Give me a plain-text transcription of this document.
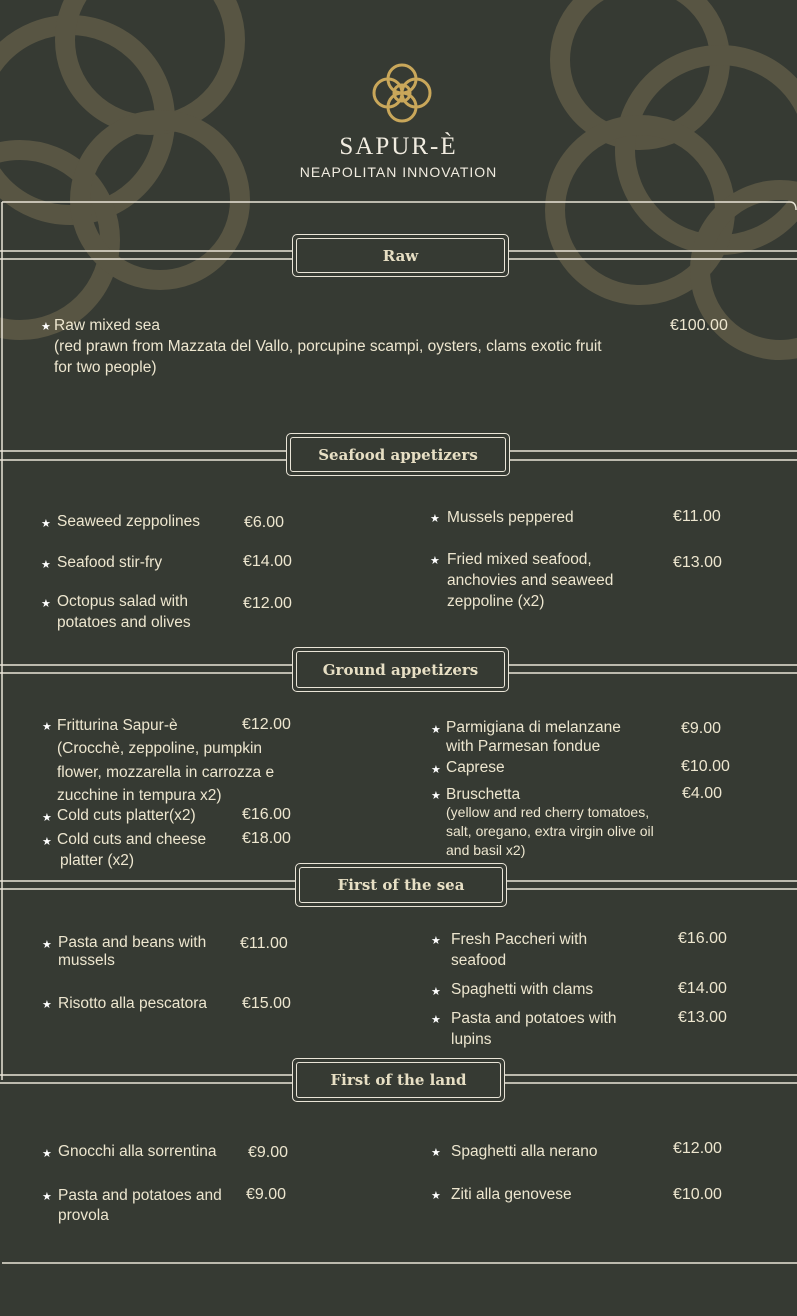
SAPUR-È
NEAPOLITAN INNOVATION
Raw
Seafood appetizers
Ground appetizers
First of the sea
First of the land
★ Raw mixed sea
(red prawn from Mazzata del Vallo, porcupine scampi, oysters, clams exotic fruit
for two people)
€100.00
★ Seaweed zeppolines	€6.00
★ Seafood stir-fry	€14.00
★ Octopus salad with
potatoes and olives
€12.00
★ Mussels peppered	€11.00
★ Fried mixed seafood,
anchovies and seaweed
zeppoline (x2)
€13.00
★ Fritturina Sapur-è
(Crocchè, zeppoline, pumpkin
flower, mozzarella in carrozza e
zucchine in tempura x2)
€12.00
★ Cold cuts platter(x2)	€16.00
★ Cold cuts and cheese
platter (x2)
€18.00
★ Parmigiana di melanzane
with Parmesan fondue
€9.00
★ Caprese	€10.00
★ Bruschetta
(yellow and red cherry tomatoes,
salt, oregano, extra virgin olive oil
and basil x2)
€4.00
★ Pasta and beans with
mussels
€11.00
★ Risotto alla pescatora €15.00
★ Fresh Paccheri with
seafood
€16.00
★ Spaghetti with clams	€14.00
★ Pasta and potatoes with
lupins
€13.00
★ Gnocchi alla sorrentina €9.00
★ Pasta and potatoes and
provola
€9.00
★ Spaghetti alla nerano	€12.00
★ Ziti alla genovese	€10.00
